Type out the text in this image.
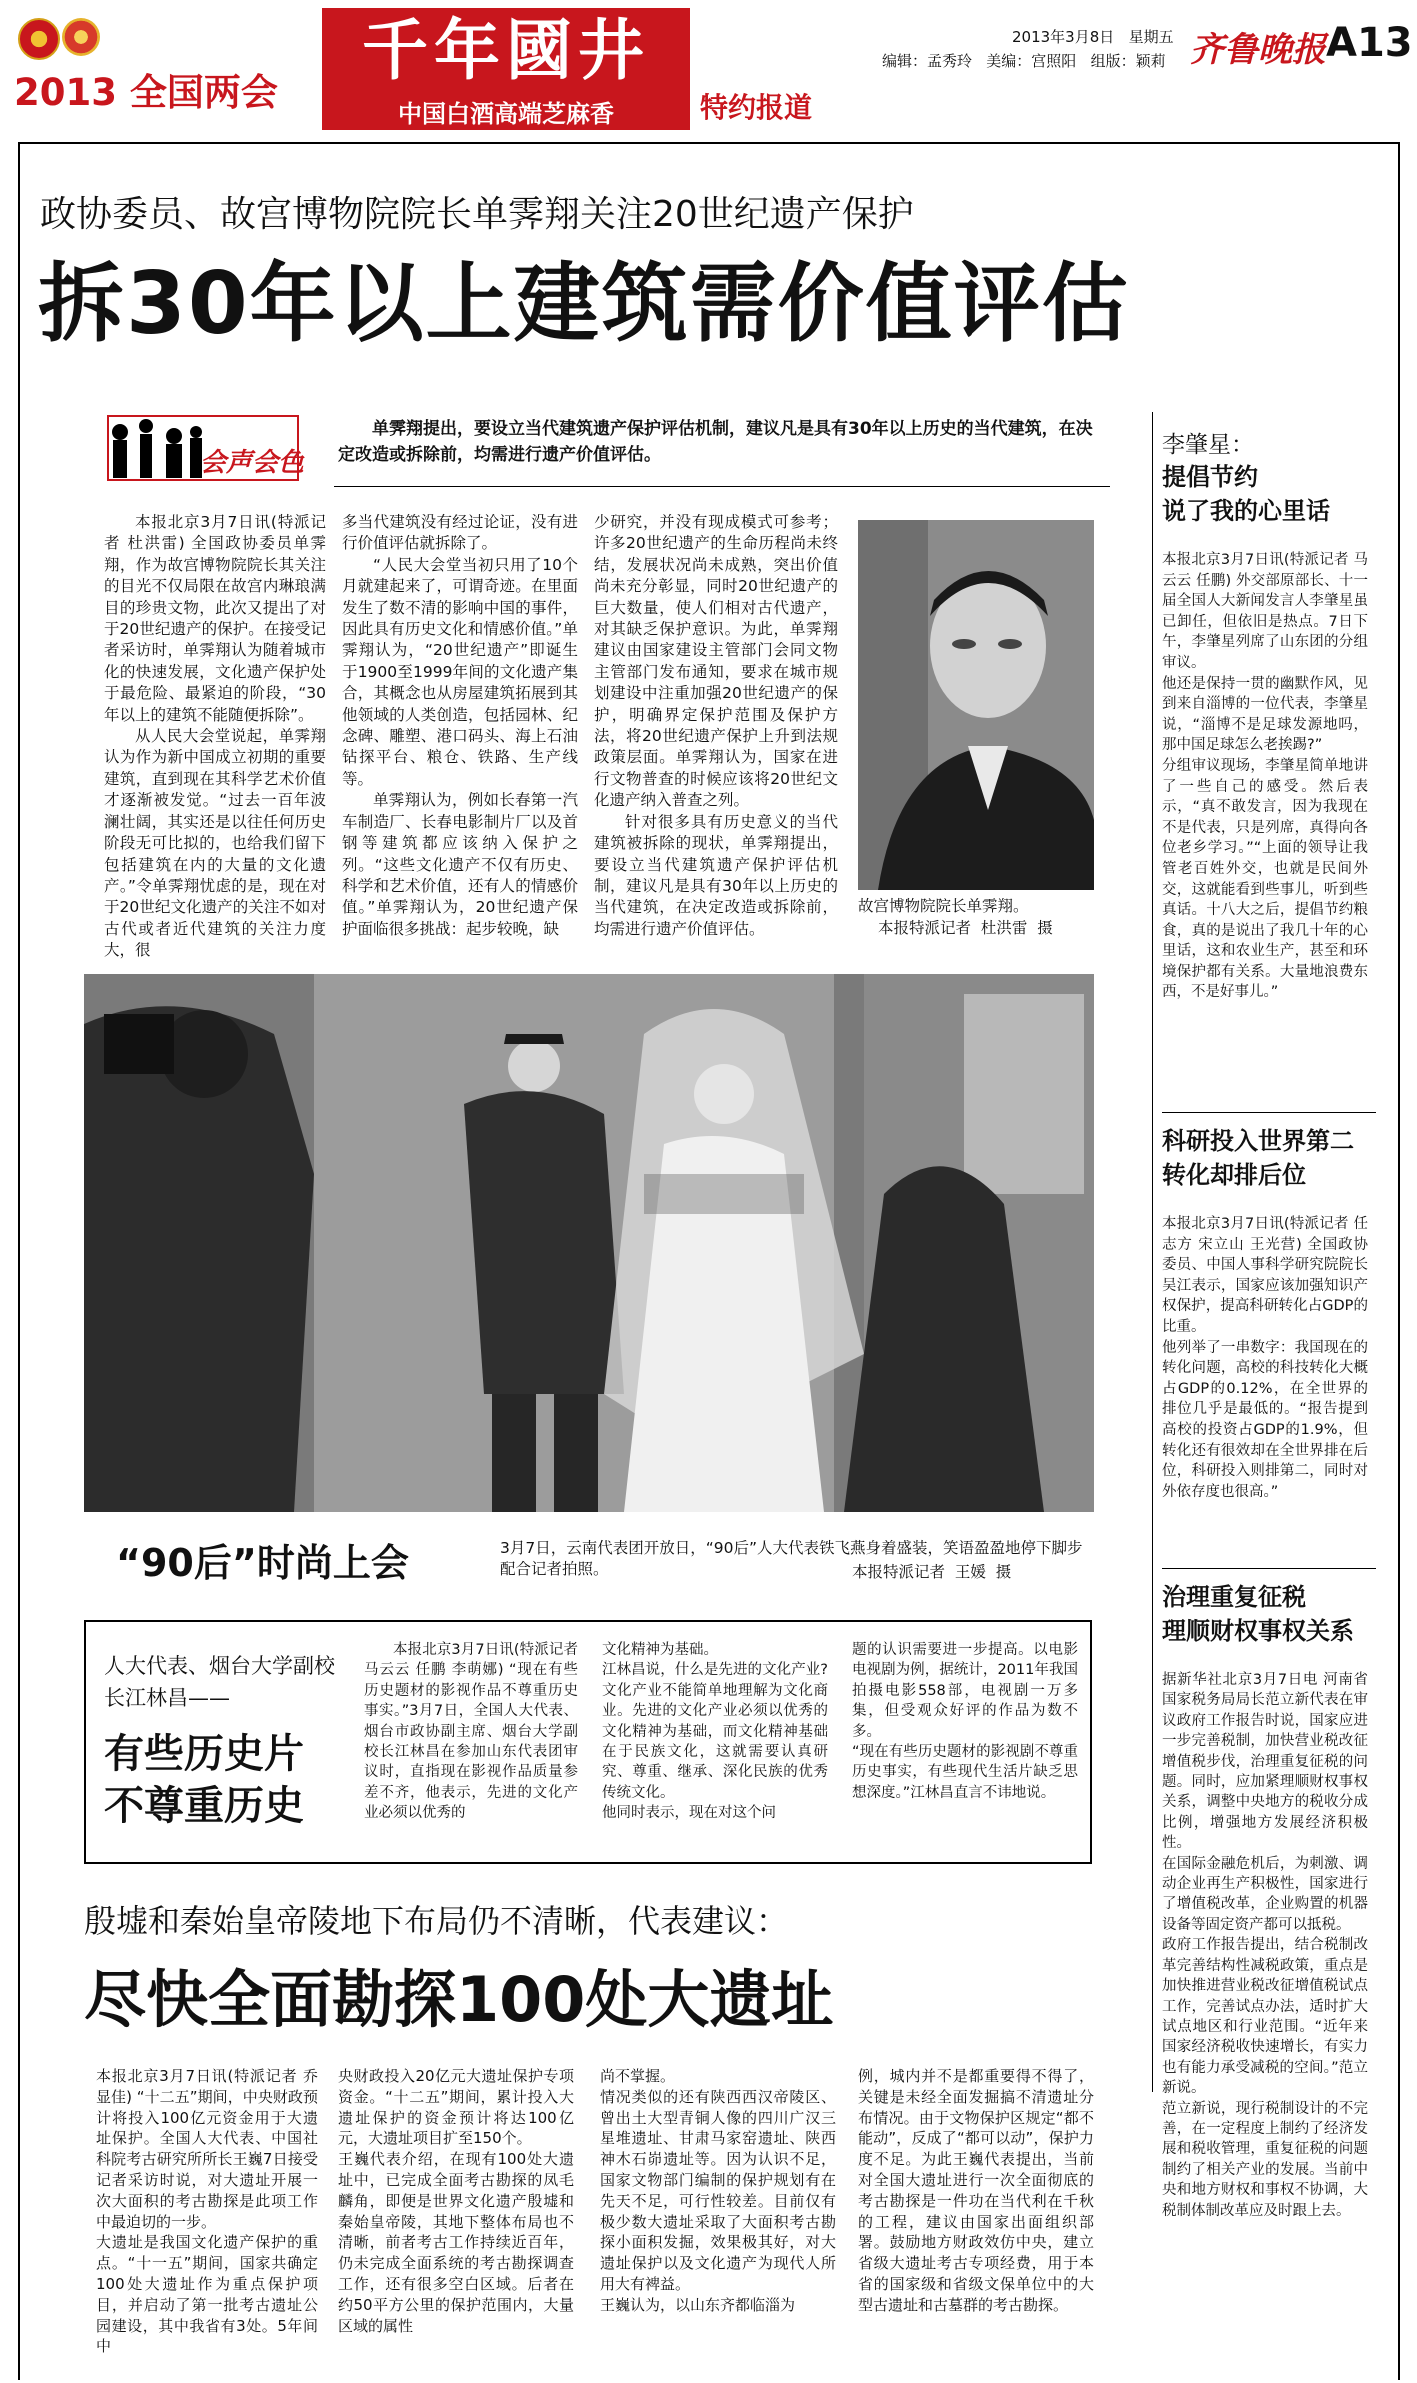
2013 全国两会
千年國井
中国白酒高端芝麻香	特约报道
2013年3月8日 星期五
编辑：孟秀玲   美编：宫照阳   组版：颖莉 齐鲁晚报 A13
政协委员、故宫博物院院长单霁翔关注20世纪遗产保护
拆30年以上建筑需价值评估
会声会色
单霁翔提出，要设立当代建筑遗产保护评估机制，建议凡是具有30年以上历史的当代建筑，在决定改造或拆除前，均需进行遗产价值评估。

本报北京3月7日讯(特派记者 杜洪雷) 全国政协委员单霁翔，作为故宫博物院院长其关注的目光不仅局限在故宫内琳琅满目的珍贵文物，此次又提出了对于20世纪遗产的保护。在接受记者采访时，单霁翔认为随着城市化的快速发展，文化遗产保护处于最危险、最紧迫的阶段，“30年以上的建筑不能随便拆除”。

从人民大会堂说起，单霁翔认为作为新中国成立初期的重要建筑，直到现在其科学艺术价值才逐渐被发觉。“过去一百年波澜壮阔，其实还是以往任何历史阶段无可比拟的，也给我们留下包括建筑在内的大量的文化遗产。”令单霁翔忧虑的是，现在对于20世纪文化遗产的关注不如对古代或者近代建筑的关注力度大，很

多当代建筑没有经过论证，没有进行价值评估就拆除了。

“人民大会堂当初只用了10个月就建起来了，可谓奇迹。在里面发生了数不清的影响中国的事件，因此具有历史文化和情感价值。”单霁翔认为，“20世纪遗产”即诞生于1900至1999年间的文化遗产集合，其概念也从房屋建筑拓展到其他领域的人类创造，包括园林、纪念碑、雕塑、港口码头、海上石油钻探平台、粮仓、铁路、生产线等。

单霁翔认为，例如长春第一汽车制造厂、长春电影制片厂以及首钢等建筑都应该纳入保护之列。“这些文化遗产不仅有历史、科学和艺术价值，还有人的情感价值。”单霁翔认为，20世纪遗产保护面临很多挑战：起步较晚，缺

少研究，并没有现成模式可参考；许多20世纪遗产的生命历程尚未终结，发展状况尚未成熟，突出价值尚未充分彰显，同时20世纪遗产的巨大数量，使人们相对古代遗产，对其缺乏保护意识。为此，单霁翔建议由国家建设主管部门会同文物主管部门发布通知，要求在城市规划建设中注重加强20世纪遗产的保护，明确界定保护范围及保护方法，将20世纪遗产保护上升到法规政策层面。单霁翔认为，国家在进行文物普查的时候应该将20世纪文化遗产纳入普查之列。

针对很多具有历史意义的当代建筑被拆除的现状，单霁翔提出，要设立当代建筑遗产保护评估机制，建议凡是具有30年以上历史的当代建筑，在决定改造或拆除前，均需进行遗产价值评估。

故宫博物院院长单霁翔。
本报特派记者  杜洪雷  摄
“90后”时尚上会	3月7日，云南代表团开放日，“90后”人大代表铁飞燕身着盛装，笑语盈盈地停下脚步配合记者拍照。	本报特派记者  王媛  摄
人大代表、烟台大学副校长江林昌——
有些历史片
不尊重历史
本报北京3月7日讯(特派记者 马云云 任鹏 李萌娜) “现在有些历史题材的影视作品不尊重历史事实。”3月7日，全国人大代表、烟台市政协副主席、烟台大学副校长江林昌在参加山东代表团审议时，直指现在影视作品质量参差不齐，他表示，先进的文化产业必须以优秀的
文化精神为基础。
江林昌说，什么是先进的文化产业?文化产业不能简单地理解为文化商业。先进的文化产业必须以优秀的文化精神为基础，而文化精神基础在于民族文化，这就需要认真研究、尊重、继承、深化民族的优秀传统文化。
他同时表示，现在对这个问
题的认识需要进一步提高。以电影电视剧为例，据统计，2011年我国拍摄电影558部，电视剧一万多集，但受观众好评的作品为数不多。
“现在有些历史题材的影视剧不尊重历史事实，有些现代生活片缺乏思想深度。”江林昌直言不讳地说。
殷墟和秦始皇帝陵地下布局仍不清晰，代表建议：
尽快全面勘探100处大遗址
本报北京3月7日讯(特派记者 乔显佳) “十二五”期间，中央财政预计将投入100亿元资金用于大遗址保护。全国人大代表、中国社科院考古研究所所长王巍7日接受记者采访时说，对大遗址开展一次大面积的考古勘探是此项工作中最迫切的一步。
大遗址是我国文化遗产保护的重点。“十一五”期间，国家共确定100处大遗址作为重点保护项目，并启动了第一批考古遗址公园建设，其中我省有3处。5年间中
央财政投入20亿元大遗址保护专项资金。“十二五”期间，累计投入大遗址保护的资金预计将达100亿元，大遗址项目扩至150个。
王巍代表介绍，在现有100处大遗址中，已完成全面考古勘探的凤毛麟角，即便是世界文化遗产殷墟和秦始皇帝陵，其地下整体布局也不清晰，前者考古工作持续近百年，仍未完成全面系统的考古勘探调查工作，还有很多空白区域。后者在约50平方公里的保护范围内，大量区域的属性
尚不掌握。
情况类似的还有陕西西汉帝陵区、曾出土大型青铜人像的四川广汉三星堆遗址、甘肃马家窑遗址、陕西神木石峁遗址等。因为认识不足，国家文物部门编制的保护规划有在先天不足，可行性较差。目前仅有极少数大遗址采取了大面积考古勘探小面积发掘，效果极其好，对大遗址保护以及文化遗产为现代人所用大有裨益。
王巍认为，以山东齐都临淄为
例，城内并不是都重要得不得了，关键是未经全面发掘搞不清遗址分布情况。由于文物保护区规定“都不能动”，反成了“都可以动”，保护力度不足。为此王巍代表提出，当前对全国大遗址进行一次全面彻底的考古勘探是一件功在当代利在千秋的工程，建议由国家出面组织部署。鼓励地方财政效仿中央，建立省级大遗址考古专项经费，用于本省的国家级和省级文保单位中的大型古遗址和古墓群的考古勘探。
李肇星：
提倡节约
说了我的心里话
本报北京3月7日讯(特派记者 马云云 任鹏) 外交部原部长、十一届全国人大新闻发言人李肇星虽已卸任，但依旧是热点。7日下午，李肇星列席了山东团的分组审议。
他还是保持一贯的幽默作风，见到来自淄博的一位代表，李肇星说，“淄博不是足球发源地吗，那中国足球怎么老挨踢?”
分组审议现场，李肇星简单地讲了一些自己的感受。然后表示，“真不敢发言，因为我现在不是代表，只是列席，真得向各位老乡学习。”“上面的领导让我管老百姓外交，也就是民间外交，这就能看到些事儿，听到些真话。十八大之后，提倡节约粮食，真的是说出了我几十年的心里话，这和农业生产，甚至和环境保护都有关系。大量地浪费东西，不是好事儿。”
科研投入世界第二
转化却排后位
本报北京3月7日讯(特派记者 任志方 宋立山 王光营) 全国政协委员、中国人事科学研究院院长吴江表示，国家应该加强知识产权保护，提高科研转化占GDP的比重。
他列举了一串数字：我国现在的转化问题，高校的科技转化大概占GDP的0.12%，在全世界的排位几乎是最低的。“报告提到高校的投资占GDP的1.9%，但转化还有很效却在全世界排在后位，科研投入则排第二，同时对外依存度也很高。”
治理重复征税
理顺财权事权关系
据新华社北京3月7日电 河南省国家税务局局长范立新代表在审议政府工作报告时说，国家应进一步完善税制，加快营业税改征增值税步伐，治理重复征税的问题。同时，应加紧理顺财权事权关系，调整中央地方的税收分成比例，增强地方发展经济积极性。
在国际金融危机后，为刺激、调动企业再生产积极性，国家进行了增值税改革，企业购置的机器设备等固定资产都可以抵税。
政府工作报告提出，结合税制改革完善结构性减税政策，重点是加快推进营业税改征增值税试点工作，完善试点办法，适时扩大试点地区和行业范围。“近年来国家经济税收快速增长，有实力也有能力承受减税的空间。”范立新说。
范立新说，现行税制设计的不完善，在一定程度上制约了经济发展和税收管理，重复征税的问题制约了相关产业的发展。当前中央和地方财权和事权不协调，大税制体制改革应及时跟上去。
